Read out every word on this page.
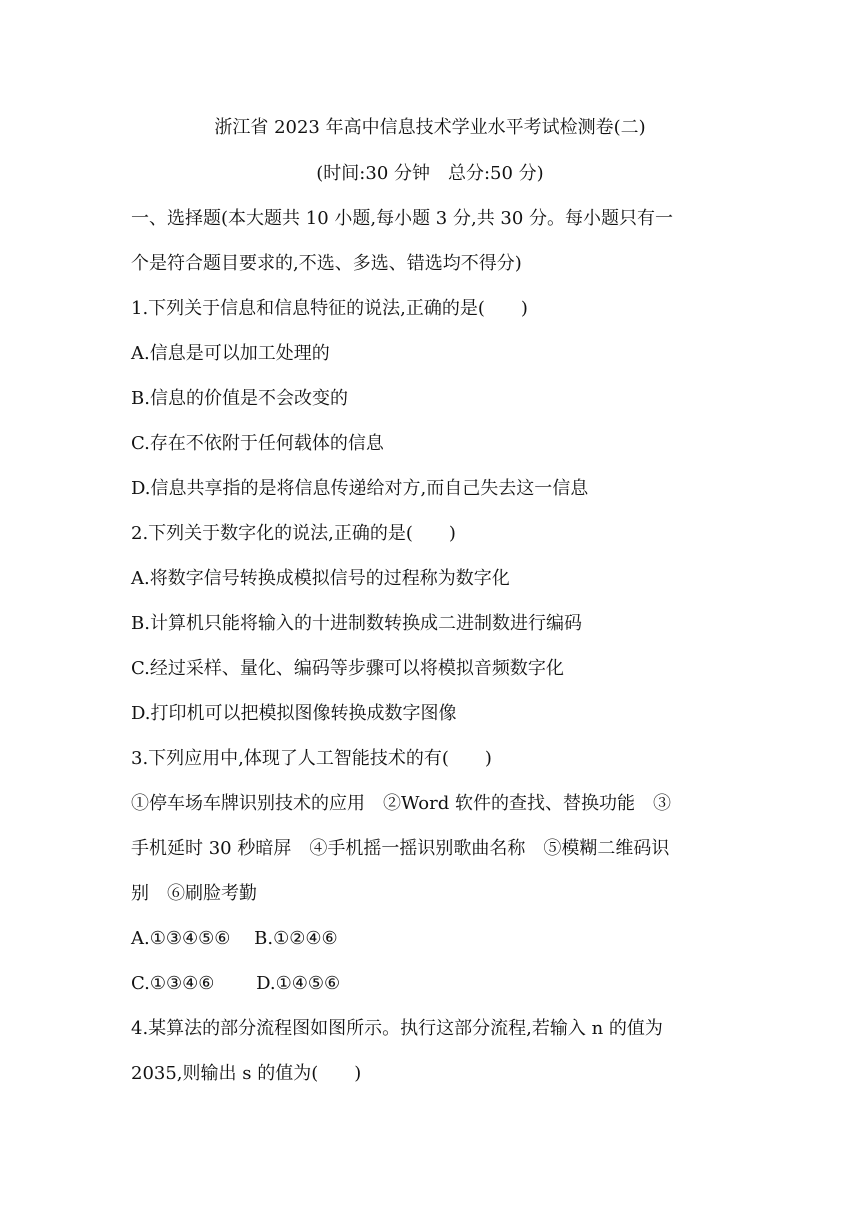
浙江省 2023 年高中信息技术学业水平考试检测卷(二)
(时间:30 分钟　总分:50 分)
一、选择题(本大题共 10 小题,每小题 3 分,共 30 分。每小题只有一
个是符合题目要求的,不选、多选、错选均不得分)
1.下列关于信息和信息特征的说法,正确的是(　　)
A.信息是可以加工处理的
B.信息的价值是不会改变的
C.存在不依附于任何载体的信息
D.信息共享指的是将信息传递给对方,而自己失去这一信息
2.下列关于数字化的说法,正确的是(　　)
A.将数字信号转换成模拟信号的过程称为数字化
B.计算机只能将输入的十进制数转换成二进制数进行编码
C.经过采样、量化、编码等步骤可以将模拟音频数字化
D.打印机可以把模拟图像转换成数字图像
3.下列应用中,体现了人工智能技术的有(　　)
①停车场车牌识别技术的应用　②Word 软件的查找、替换功能　③
手机延时 30 秒暗屏　④手机摇一摇识别歌曲名称　⑤模糊二维码识
别　⑥刷脸考勤
A.①③④⑤⑥　 B.①②④⑥
C.①③④⑥　　 D.①④⑤⑥
4.某算法的部分流程图如图所示。执行这部分流程,若输入 n 的值为
2035,则输出 s 的值为(　　)
